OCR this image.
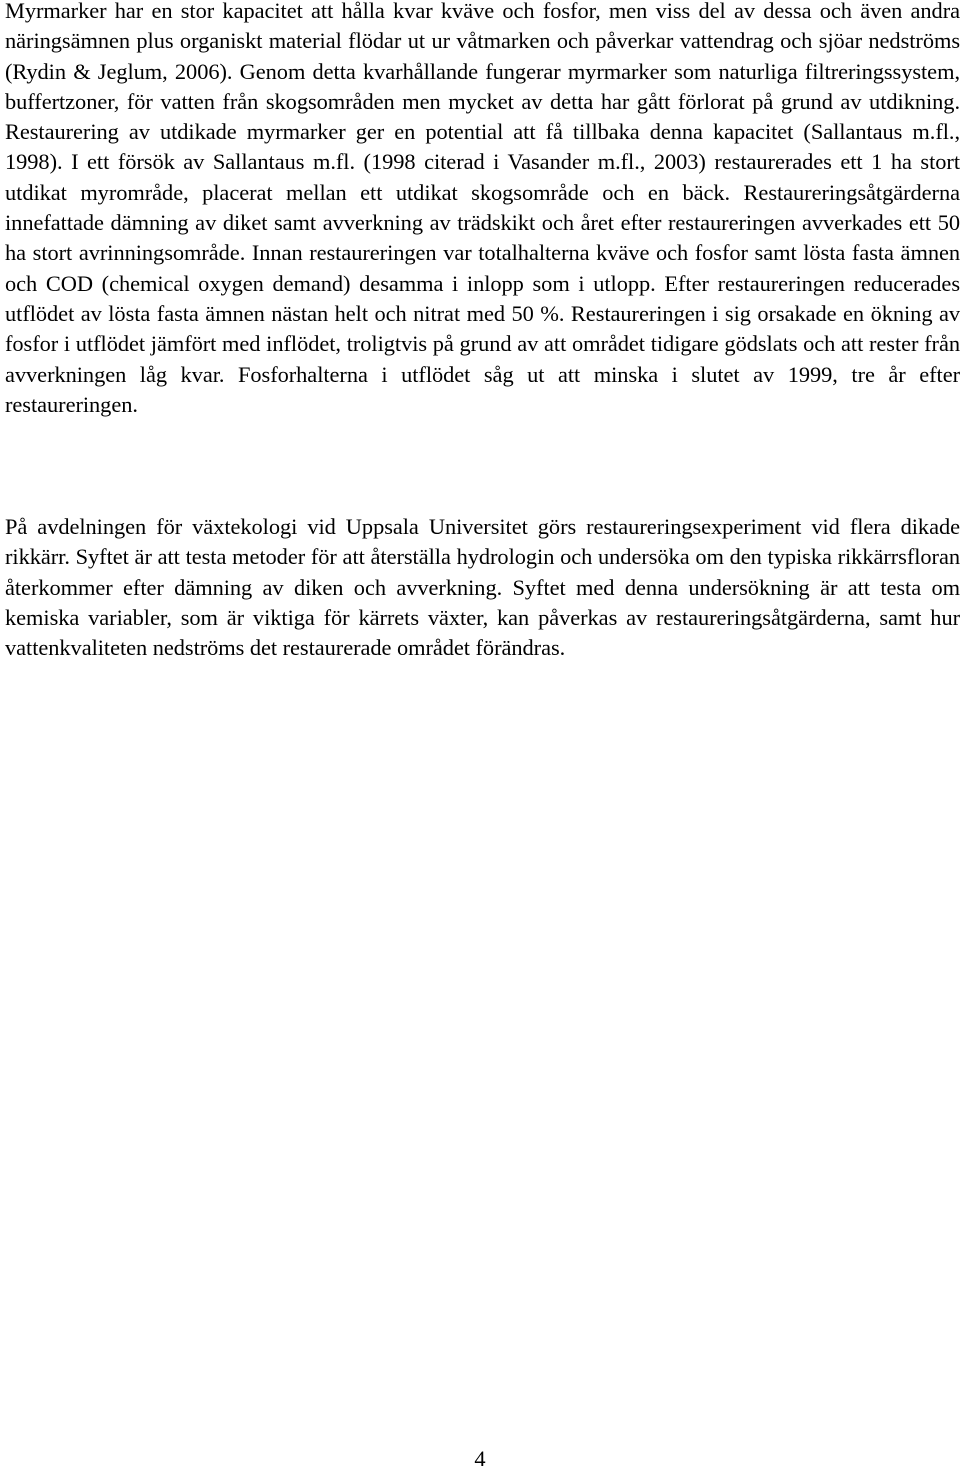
Myrmarker har en stor kapacitet att hålla kvar kväve och fosfor, men viss del av dessa och även andra näringsämnen plus organiskt material flödar ut ur våtmarken och påverkar vattendrag och sjöar nedströms (Rydin & Jeglum, 2006). Genom detta kvarhållande fungerar myrmarker som naturliga filtreringssystem, buffertzoner, för vatten från skogsområden men mycket av detta har gått förlorat på grund av utdikning. Restaurering av utdikade myrmarker ger en potential att få tillbaka denna kapacitet (Sallantaus m.fl., 1998). I ett försök av Sallantaus m.fl. (1998 citerad i Vasander m.fl., 2003) restaurerades ett 1 ha stort utdikat myrområde, placerat mellan ett utdikat skogsområde och en bäck. Restaureringsåtgärderna innefattade dämning av diket samt avverkning av trädskikt och året efter restaureringen avverkades ett 50 ha stort avrinningsområde. Innan restaureringen var totalhalterna kväve och fosfor samt lösta fasta ämnen och COD (chemical oxygen demand) desamma i inlopp som i utlopp. Efter restaureringen reducerades utflödet av lösta fasta ämnen nästan helt och nitrat med 50 %. Restaureringen i sig orsakade en ökning av fosfor i utflödet jämfört med inflödet, troligtvis på grund av att området tidigare gödslats och att rester från avverkningen låg kvar. Fosforhalterna i utflödet såg ut att minska i slutet av 1999, tre år efter restaureringen.

På avdelningen för växtekologi vid Uppsala Universitet görs restaureringsexperiment vid flera dikade rikkärr. Syftet är att testa metoder för att återställa hydrologin och undersöka om den typiska rikkärrsfloran återkommer efter dämning av diken och avverkning. Syftet med denna undersökning är att testa om kemiska variabler, som är viktiga för kärrets växter, kan påverkas av restaureringsåtgärderna, samt hur vattenkvaliteten nedströms det restaurerade området förändras.

4
